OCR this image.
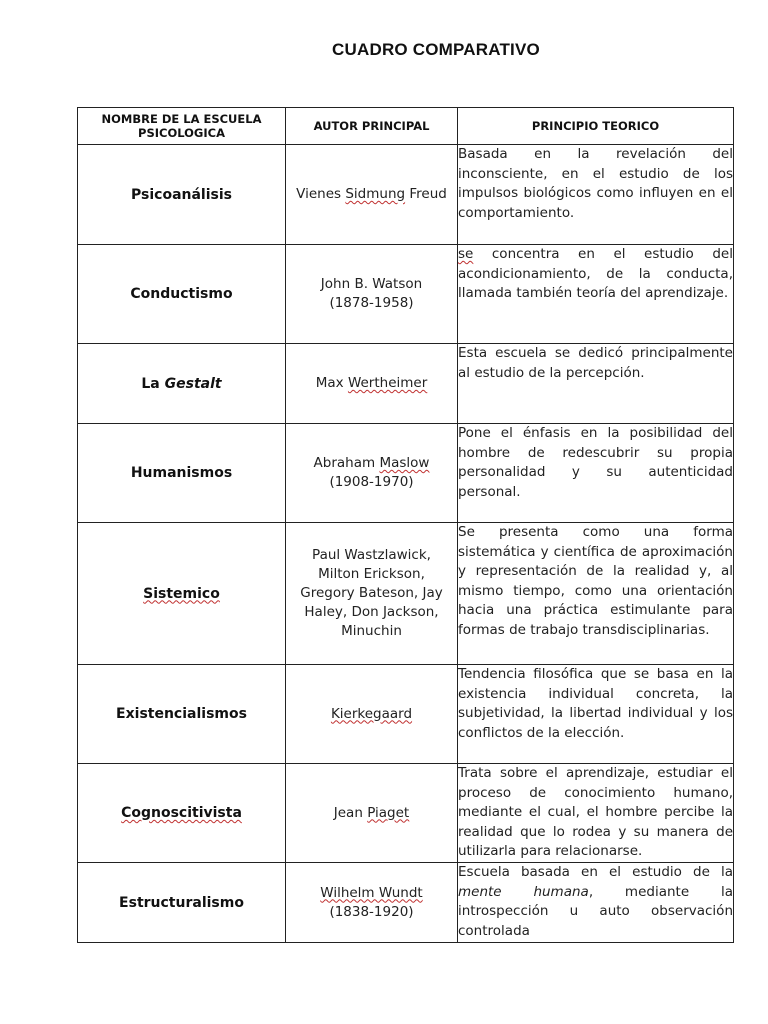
CUADRO COMPARATIVO
NOMBRE DE LA ESCUELA PSICOLOGICA	AUTOR PRINCIPAL	PRINCIPIO TEORICO
Psicoanálisis	Vienes Sidmung Freud	Basada en la revelación del inconsciente, en el estudio de los impulsos biológicos como influyen en el comportamiento.
Conductismo	John B. Watson (1878-1958)	se concentra en el estudio del acondicionamiento, de la conducta, llamada también teoría del aprendizaje.
La Gestalt	Max Wertheimer	Esta escuela se dedicó principalmente al estudio de la percepción.
Humanismos	Abraham Maslow (1908-1970)	Pone el énfasis en la posibilidad del hombre de redescubrir su propia personalidad y su autenticidad personal.
Sistemico	Paul Wastzlawick, Milton Erickson, Gregory Bateson, Jay Haley, Don Jackson, Minuchin	Se presenta como una forma sistemática y científica de aproximación y representación de la realidad y, al mismo tiempo, como una orientación hacia una práctica estimulante para formas de trabajo transdisciplinarias.
Existencialismos	Kierkegaard	Tendencia filosófica que se basa en la existencia individual concreta, la subjetividad, la libertad individual y los conflictos de la elección.
Cognoscitivista	Jean Piaget	Trata sobre el aprendizaje, estudiar el proceso de conocimiento humano, mediante el cual, el hombre percibe la realidad que lo rodea y su manera de utilizarla para relacionarse.
Estructuralismo	Wilhelm Wundt (1838-1920)	Escuela basada en el estudio de la mente humana, mediante la introspección u auto observación controlada
